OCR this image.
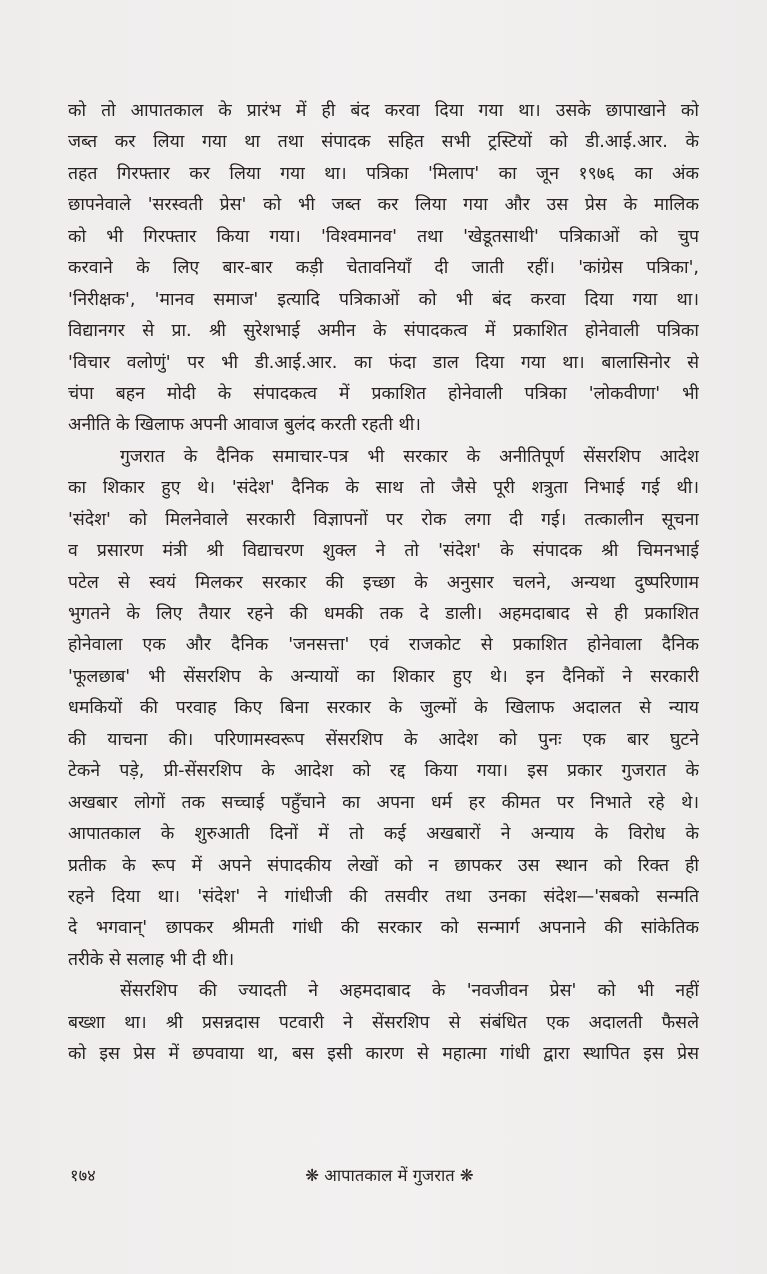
को तो आपातकाल के प्रारंभ में ही बंद करवा दिया गया था। उसके छापाखाने को
जब्त कर लिया गया था तथा संपादक सहित सभी ट्रस्टियों को डी.आई.आर. के
तहत गिरफ्तार कर लिया गया था। पत्रिका 'मिलाप' का जून १९७६ का अंक
छापनेवाले 'सरस्वती प्रेस' को भी जब्त कर लिया गया और उस प्रेस के मालिक
को भी गिरफ्तार किया गया। 'विश्वमानव' तथा 'खेडूतसाथी' पत्रिकाओं को चुप
करवाने के लिए बार-बार कड़ी चेतावनियाँ दी जाती रहीं। 'कांग्रेस पत्रिका',
'निरीक्षक', 'मानव समाज' इत्यादि पत्रिकाओं को भी बंद करवा दिया गया था।
विद्यानगर से प्रा. श्री सुरेशभाई अमीन के संपादकत्व में प्रकाशित होनेवाली पत्रिका
'विचार वलोणुं' पर भी डी.आई.आर. का फंदा डाल दिया गया था। बालासिनोर से
चंपा बहन मोदी के संपादकत्व में प्रकाशित होनेवाली पत्रिका 'लोकवीणा' भी
अनीति के खिलाफ अपनी आवाज बुलंद करती रहती थी।
गुजरात के दैनिक समाचार-पत्र भी सरकार के अनीतिपूर्ण सेंसरशिप आदेश
का शिकार हुए थे। 'संदेश' दैनिक के साथ तो जैसे पूरी शत्रुता निभाई गई थी।
'संदेश' को मिलनेवाले सरकारी विज्ञापनों पर रोक लगा दी गई। तत्कालीन सूचना
व प्रसारण मंत्री श्री विद्याचरण शुक्ल ने तो 'संदेश' के संपादक श्री चिमनभाई
पटेल से स्वयं मिलकर सरकार की इच्छा के अनुसार चलने, अन्यथा दुष्परिणाम
भुगतने के लिए तैयार रहने की धमकी तक दे डाली। अहमदाबाद से ही प्रकाशित
होनेवाला एक और दैनिक 'जनसत्ता' एवं राजकोट से प्रकाशित होनेवाला दैनिक
'फूलछाब' भी सेंसरशिप के अन्यायों का शिकार हुए थे। इन दैनिकों ने सरकारी
धमकियों की परवाह किए बिना सरकार के जुल्मों के खिलाफ अदालत से न्याय
की याचना की। परिणामस्वरूप सेंसरशिप के आदेश को पुनः एक बार घुटने
टेकने पड़े, प्री-सेंसरशिप के आदेश को रद्द किया गया। इस प्रकार गुजरात के
अखबार लोगों तक सच्चाई पहुँचाने का अपना धर्म हर कीमत पर निभाते रहे थे।
आपातकाल के शुरुआती दिनों में तो कई अखबारों ने अन्याय के विरोध के
प्रतीक के रूप में अपने संपादकीय लेखों को न छापकर उस स्थान को रिक्त ही
रहने दिया था। 'संदेश' ने गांधीजी की तसवीर तथा उनका संदेश—'सबको सन्मति
दे भगवान्' छापकर श्रीमती गांधी की सरकार को सन्मार्ग अपनाने की सांकेतिक
तरीके से सलाह भी दी थी।
सेंसरशिप की ज्यादती ने अहमदाबाद के 'नवजीवन प्रेस' को भी नहीं
बख्शा था। श्री प्रसन्नदास पटवारी ने सेंसरशिप से संबंधित एक अदालती फैसले
को इस प्रेस में छपवाया था, बस इसी कारण से महात्मा गांधी द्वारा स्थापित इस प्रेस
१७४	❋ आपातकाल में गुजरात ❋
